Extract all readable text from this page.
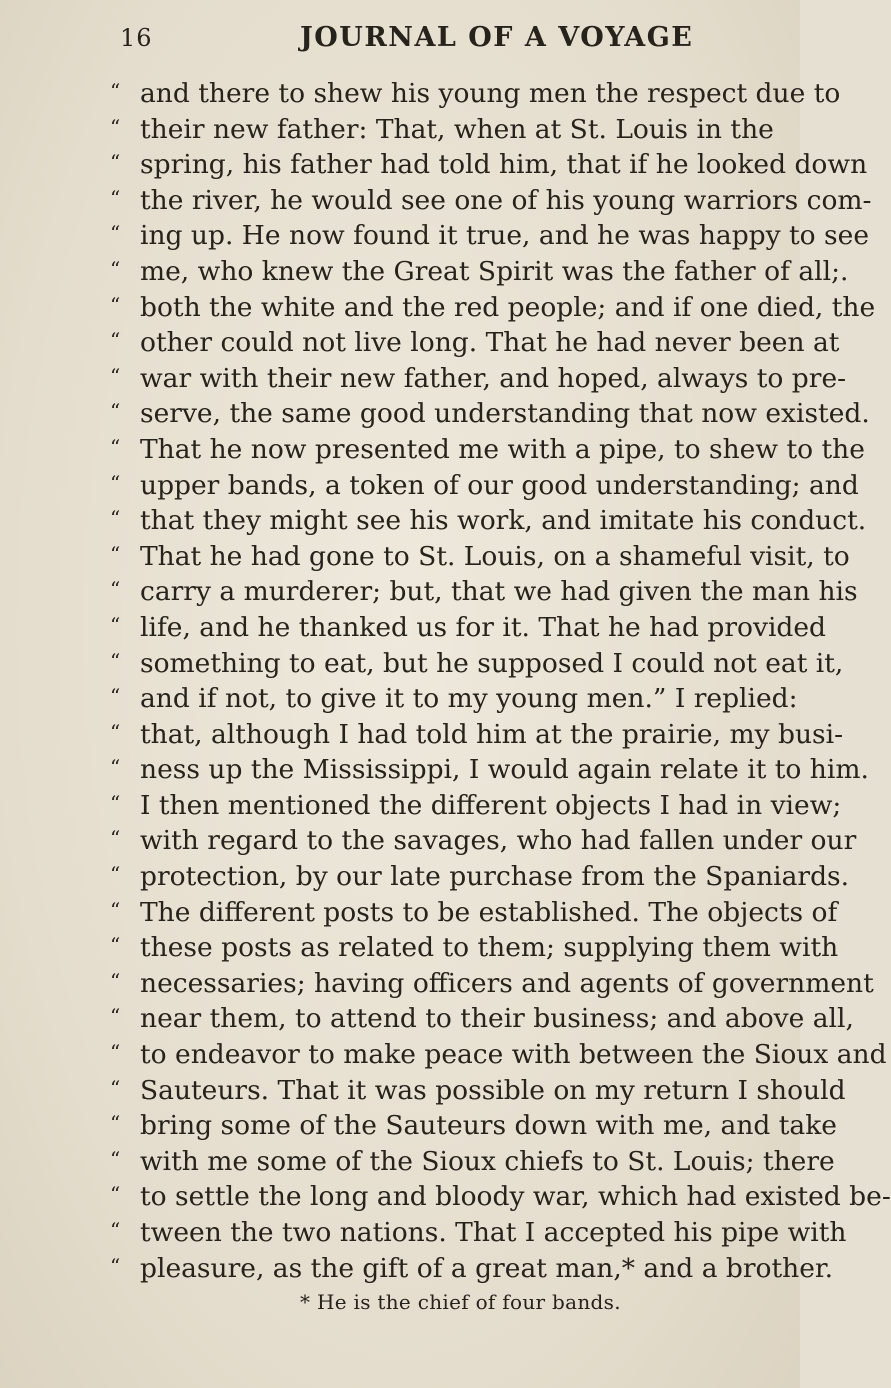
16	JOURNAL OF A VOYAGE
“ and there to shew his young men the respect due to
“ their new father: That, when at St. Louis in the
“ spring, his father had told him, that if he looked down
“ the river, he would see one of his young warriors com-
“ ing up. He now found it true, and he was happy to see
“ me, who knew the Great Spirit was the father of all;.
“ both the white and the red people; and if one died, the
“ other could not live long. That he had never been at
“ war with their new father, and hoped, always to pre-
“ serve, the same good understanding that now existed.
“ That he now presented me with a pipe, to shew to the
“ upper bands, a token of our good understanding; and
“ that they might see his work, and imitate his conduct.
“ That he had gone to St. Louis, on a shameful visit, to
“ carry a murderer; but, that we had given the man his
“ life, and he thanked us for it. That he had provided
“ something to eat, but he supposed I could not eat it,
“ and if not, to give it to my young men.” I replied:
“ that, although I had told him at the prairie, my busi-
“ ness up the Mississippi, I would again relate it to him.
“ I then mentioned the different objects I had in view;
“ with regard to the savages, who had fallen under our
“ protection, by our late purchase from the Spaniards.
“ The different posts to be established. The objects of
“ these posts as related to them; supplying them with
“ necessaries; having officers and agents of government
“ near them, to attend to their business; and above all,
“ to endeavor to make peace with between the Sioux and
“ Sauteurs. That it was possible on my return I should
“ bring some of the Sauteurs down with me, and take
“ with me some of the Sioux chiefs to St. Louis; there
“ to settle the long and bloody war, which had existed be-
“ tween the two nations. That I accepted his pipe with
“ pleasure, as the gift of a great man,* and a brother.
* He is the chief of four bands.
